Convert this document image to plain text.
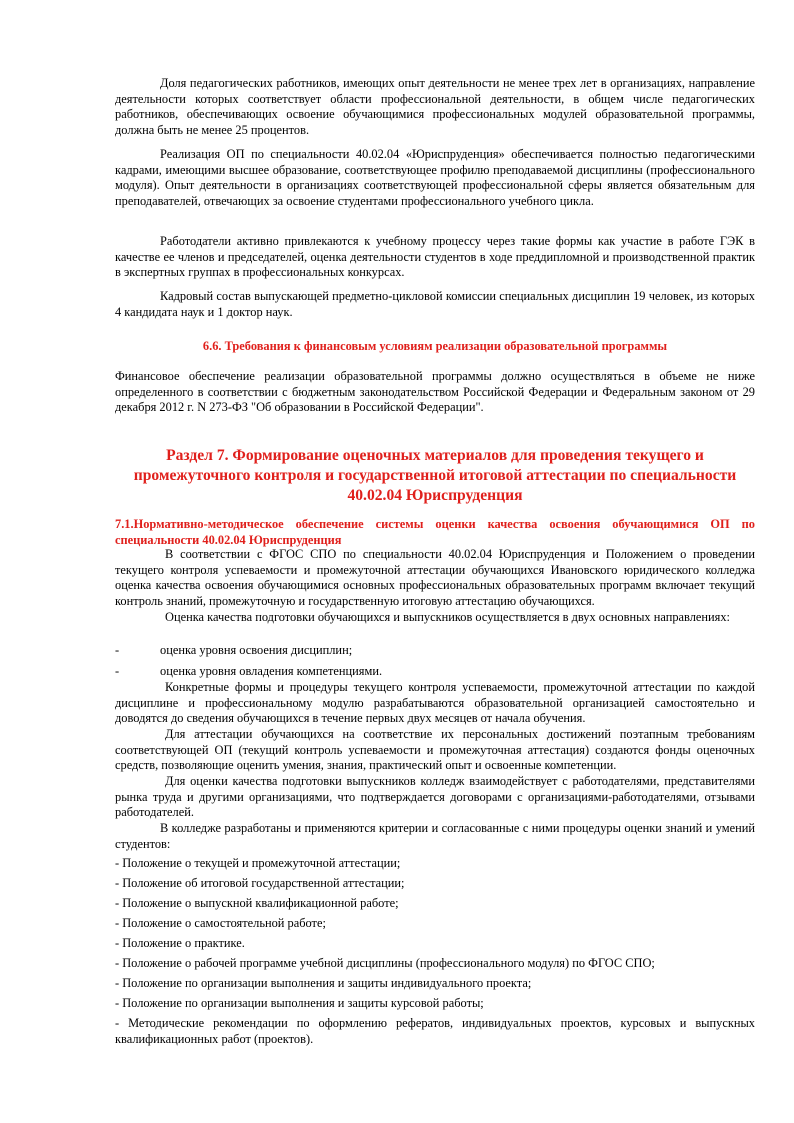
Доля педагогических работников, имеющих опыт деятельности не менее трех лет в организациях, направление деятельности которых соответствует области профессиональной деятельности, в общем числе педагогических работников, обеспечивающих освоение обучающимися профессиональных модулей образовательной программы, должна быть не менее 25 процентов.

Реализация ОП по специальности 40.02.04 «Юриспруденция» обеспечивается полностью педагогическими кадрами, имеющими высшее образование, соответствующее профилю преподаваемой дисциплины (профессионального модуля). Опыт деятельности в организациях соответствующей профессиональной сферы является обязательным для преподавателей, отвечающих за освоение студентами профессионального учебного цикла.

Работодатели активно привлекаются к учебному процессу через такие формы как участие в работе ГЭК в качестве ее членов и председателей, оценка деятельности студентов в ходе преддипломной и производственной практик в экспертных группах в профессиональных конкурсах.

Кадровый состав выпускающей предметно-цикловой комиссии специальных дисциплин 19 человек, из которых 4 кандидата наук и 1 доктор наук.

6.6. Требования к финансовым условиям реализации образовательной программы

Финансовое обеспечение реализации образовательной программы должно осуществляться в объеме не ниже определенного в соответствии с бюджетным законодательством Российской Федерации и Федеральным законом от 29 декабря 2012 г. N 273-ФЗ "Об образовании в Российской Федерации".

Раздел 7. Формирование оценочных материалов для проведения текущего и промежуточного контроля и государственной итоговой аттестации по специальности 40.02.04 Юриспруденция

7.1.Нормативно-методическое обеспечение системы оценки качества освоения обучающимися ОП по специальности 40.02.04 Юриспруденция

В соответствии с ФГОС СПО по специальности 40.02.04 Юриспруденция и Положением о проведении текущего контроля успеваемости и промежуточной аттестации обучающихся Ивановского юридического колледжа оценка качества освоения обучающимися основных профессиональных образовательных программ включает текущий контроль знаний, промежуточную и государственную итоговую аттестацию обучающихся.

Оценка качества подготовки обучающихся и выпускников осуществляется в двух основных направлениях:

-	оценка уровня освоения дисциплин;

-	оценка уровня овладения компетенциями.

Конкретные формы и процедуры текущего контроля успеваемости, промежуточной аттестации по каждой дисциплине и профессиональному модулю разрабатываются образовательной организацией самостоятельно и доводятся до сведения обучающихся в течение первых двух месяцев от начала обучения.

Для аттестации обучающихся на соответствие их персональных достижений поэтапным требованиям соответствующей ОП (текущий контроль успеваемости и промежуточная аттестация) создаются фонды оценочных средств, позволяющие оценить умения, знания, практический опыт и освоенные компетенции.

Для оценки качества подготовки выпускников колледж взаимодействует с работодателями, представителями рынка труда и другими организациями, что подтверждается договорами с организациями-работодателями, отзывами работодателей.

В колледже разработаны и применяются критерии и согласованные с ними процедуры оценки знаний и умений студентов:

- Положение о текущей и промежуточной аттестации;

- Положение об итоговой государственной аттестации;

- Положение о выпускной квалификационной работе;

- Положение о самостоятельной работе;

- Положение о практике.

- Положение о рабочей программе учебной дисциплины (профессионального модуля) по ФГОС СПО;

- Положение по организации выполнения и защиты индивидуального проекта;

- Положение по организации выполнения и защиты курсовой работы;

- Методические рекомендации по оформлению рефератов, индивидуальных проектов, курсовых и выпускных квалификационных работ (проектов).
